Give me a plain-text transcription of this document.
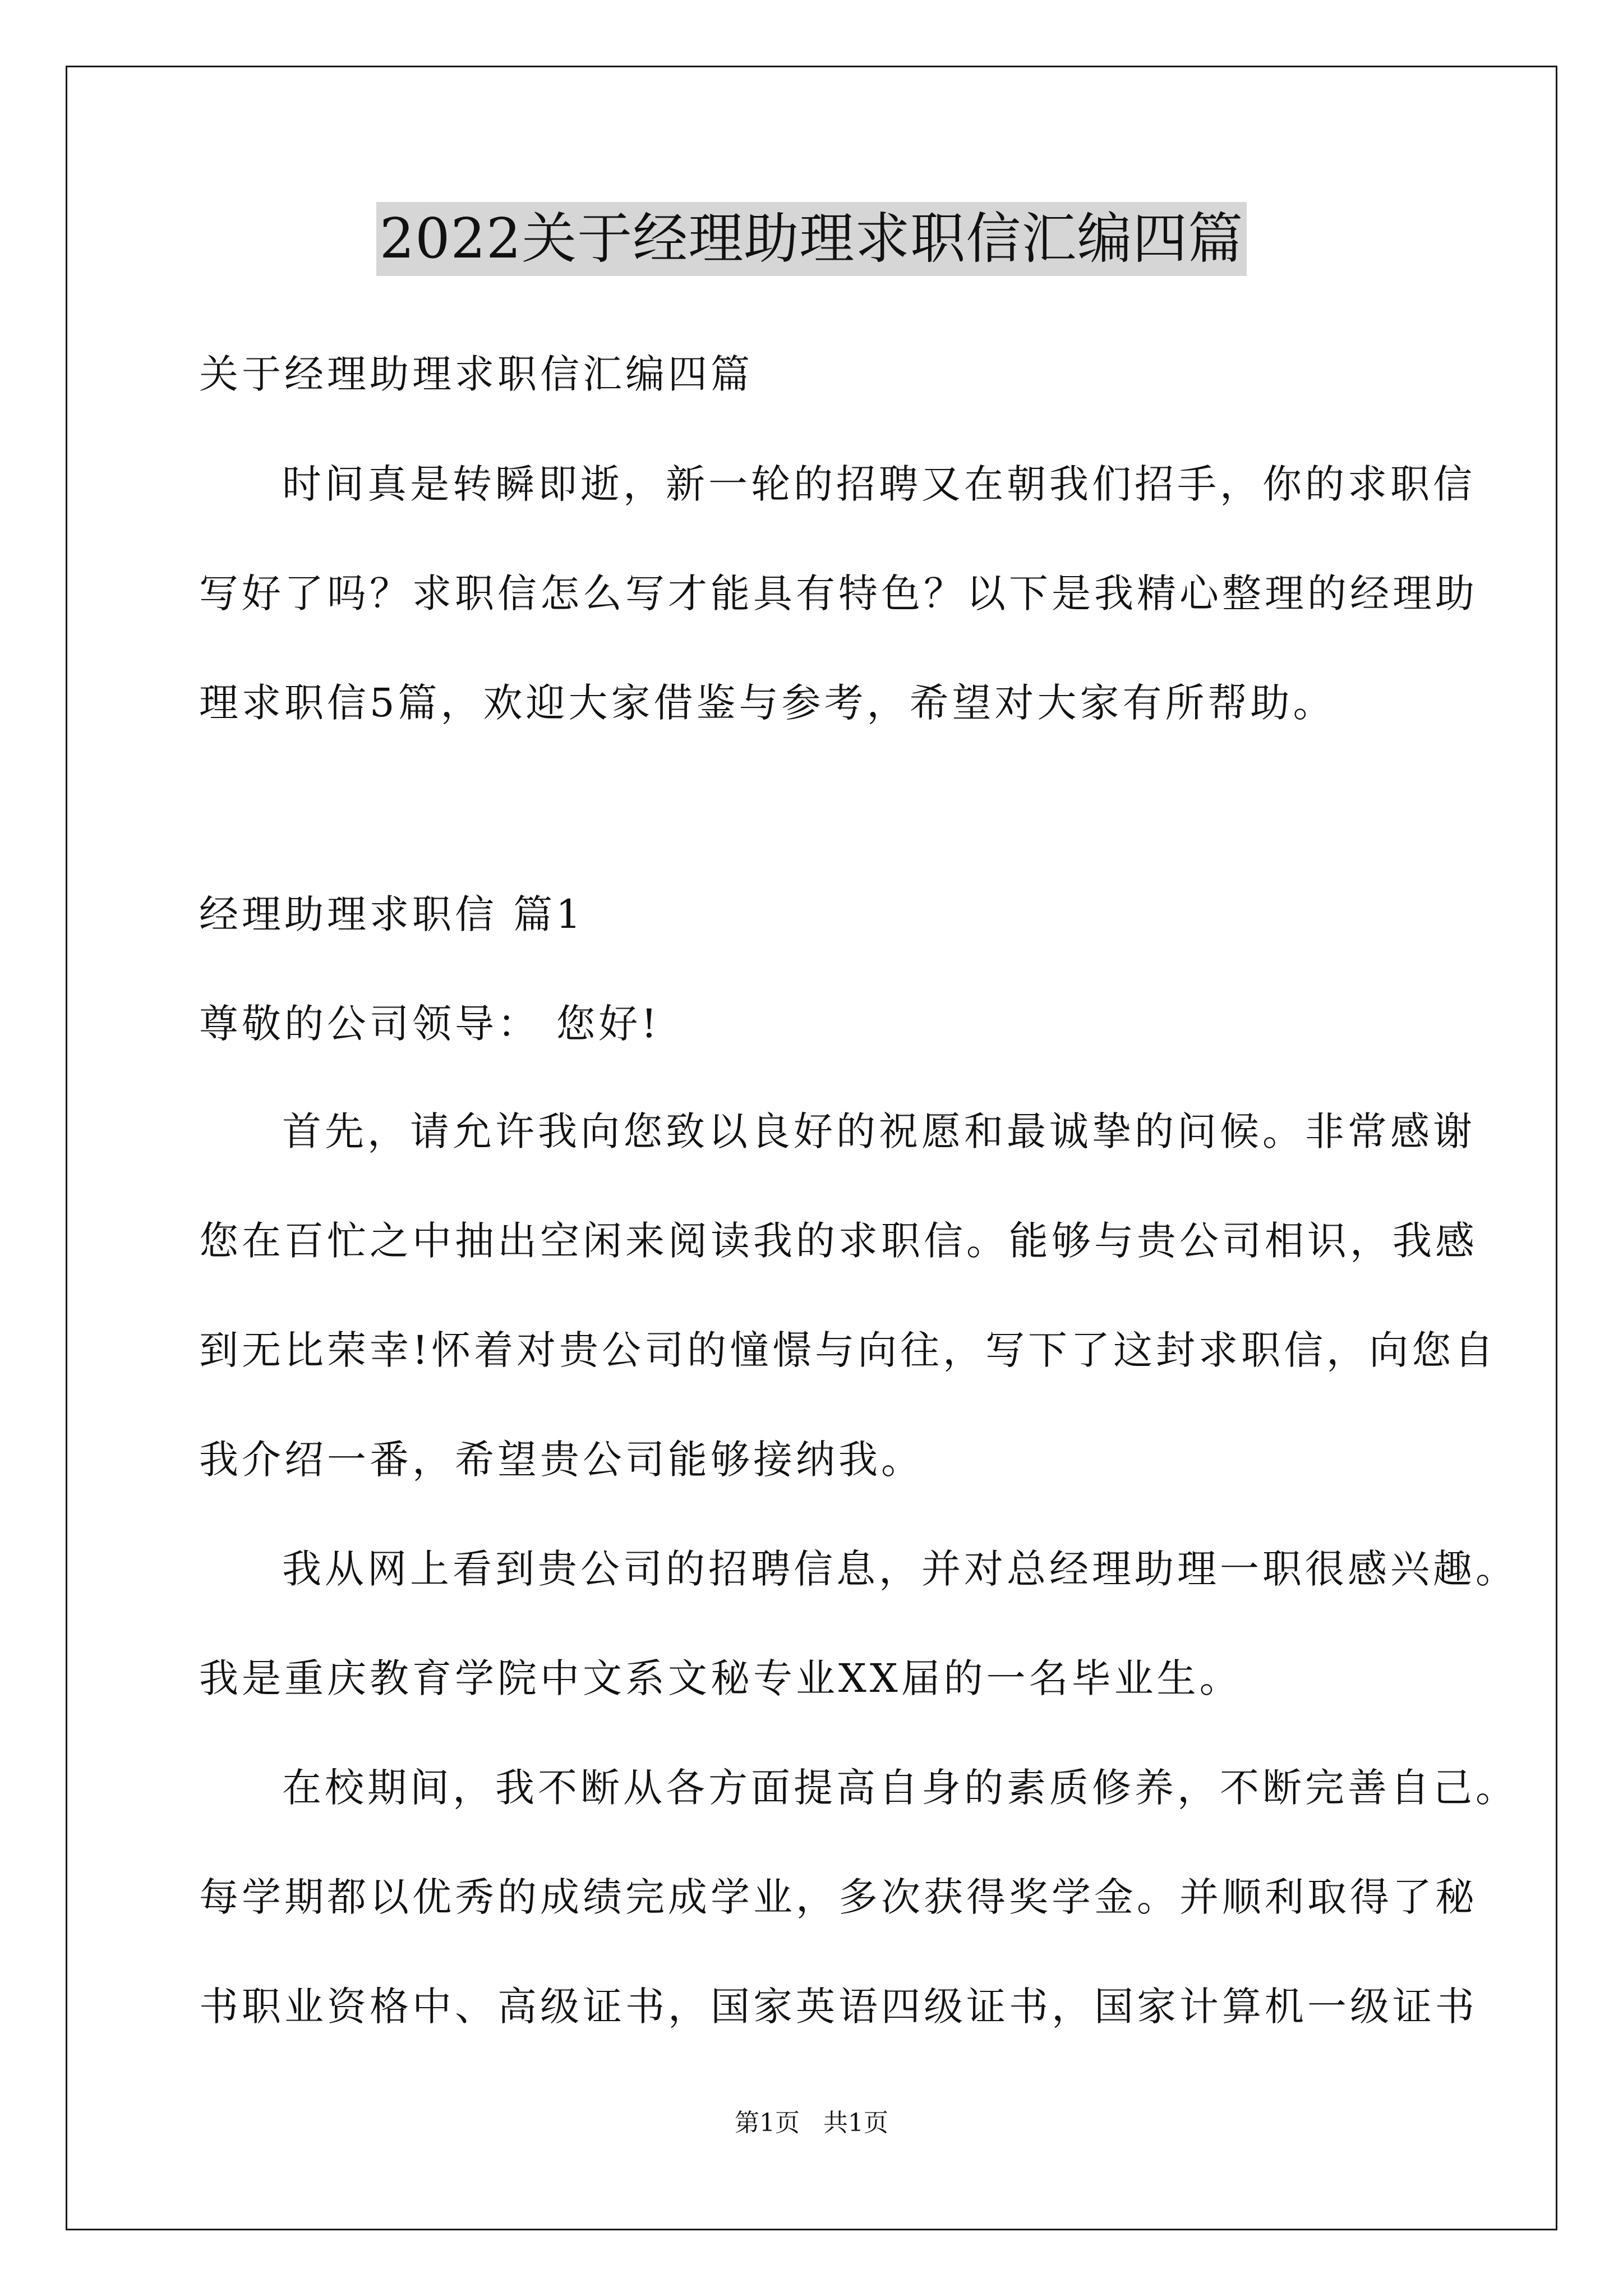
2022关于经理助理求职信汇编四篇
关于经理助理求职信汇编四篇
时间真是转瞬即逝，新一轮的招聘又在朝我们招手，你的求职信
写好了吗？求职信怎么写才能具有特色？以下是我精心整理的经理助
理求职信5篇，欢迎大家借鉴与参考，希望对大家有所帮助。
经理助理求职信 篇1
尊敬的公司领导： 您好!
首先，请允许我向您致以良好的祝愿和最诚挚的问候。非常感谢
您在百忙之中抽出空闲来阅读我的求职信。能够与贵公司相识，我感
到无比荣幸!怀着对贵公司的憧憬与向往，写下了这封求职信，向您自
我介绍一番，希望贵公司能够接纳我。
我从网上看到贵公司的招聘信息，并对总经理助理一职很感兴趣。
我是重庆教育学院中文系文秘专业XX届的一名毕业生。
在校期间，我不断从各方面提高自身的素质修养，不断完善自己。
每学期都以优秀的成绩完成学业，多次获得奖学金。并顺利取得了秘
书职业资格中、高级证书，国家英语四级证书，国家计算机一级证书
第1页 共1页
